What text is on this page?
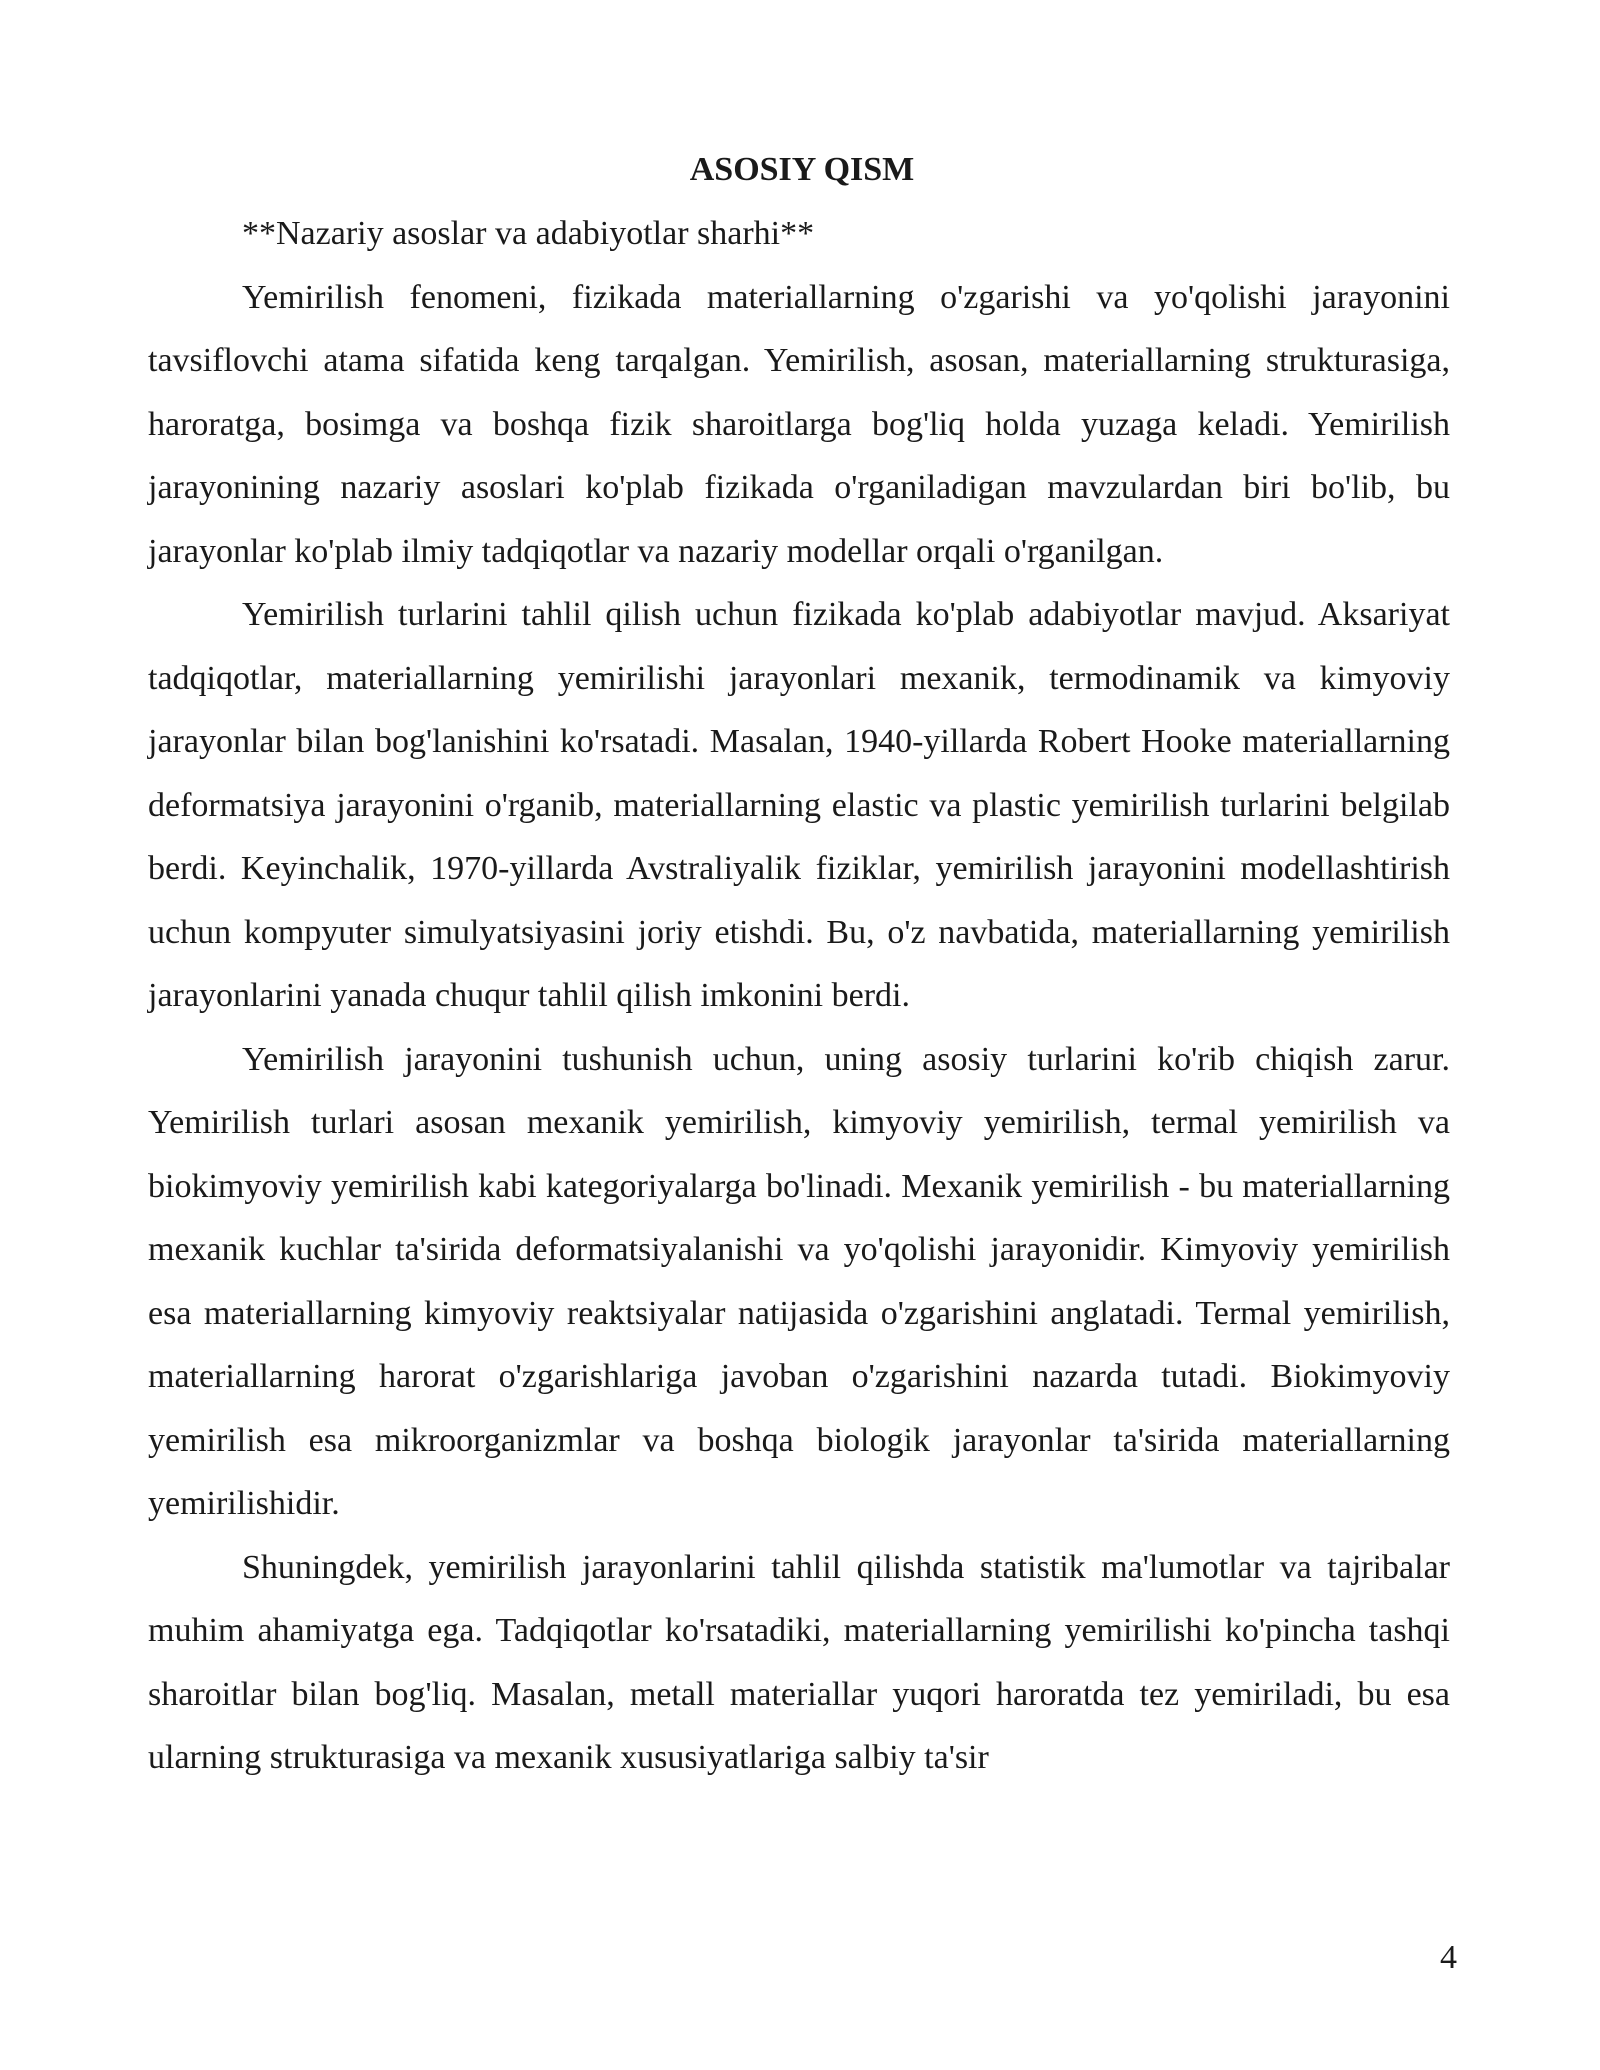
ASOSIY QISM

**Nazariy asoslar va adabiyotlar sharhi**

Yemirilish fenomeni, fizikada materiallarning o'zgarishi va yo'qolishi jarayonini tavsiflovchi atama sifatida keng tarqalgan. Yemirilish, asosan, materiallarning strukturasiga, haroratga, bosimga va boshqa fizik sharoitlarga bog'liq holda yuzaga keladi. Yemirilish jarayonining nazariy asoslari ko'plab fizikada o'rganiladigan mavzulardan biri bo'lib, bu jarayonlar ko'plab ilmiy tadqiqotlar va nazariy modellar orqali o'rganilgan.

Yemirilish turlarini tahlil qilish uchun fizikada ko'plab adabiyotlar mavjud. Aksariyat tadqiqotlar, materiallarning yemirilishi jarayonlari mexanik, termodinamik va kimyoviy jarayonlar bilan bog'lanishini ko'rsatadi. Masalan, 1940-yillarda Robert Hooke materiallarning deformatsiya jarayonini o'rganib, materiallarning elastic va plastic yemirilish turlarini belgilab berdi. Keyinchalik, 1970-yillarda Avstraliyalik fiziklar, yemirilish jarayonini modellashtirish uchun kompyuter simulyatsiyasini joriy etishdi. Bu, o'z navbatida, materiallarning yemirilish jarayonlarini yanada chuqur tahlil qilish imkonini berdi.

Yemirilish jarayonini tushunish uchun, uning asosiy turlarini ko'rib chiqish zarur. Yemirilish turlari asosan mexanik yemirilish, kimyoviy yemirilish, termal yemirilish va biokimyoviy yemirilish kabi kategoriyalarga bo'linadi. Mexanik yemirilish - bu materiallarning mexanik kuchlar ta'sirida deformatsiyalanishi va yo'qolishi jarayonidir. Kimyoviy yemirilish esa materiallarning kimyoviy reaktsiyalar natijasida o'zgarishini anglatadi. Termal yemirilish, materiallarning harorat o'zgarishlariga javoban o'zgarishini nazarda tutadi. Biokimyoviy yemirilish esa mikroorganizmlar va boshqa biologik jarayonlar ta'sirida materiallarning yemirilishidir.

Shuningdek, yemirilish jarayonlarini tahlil qilishda statistik ma'lumotlar va tajribalar muhim ahamiyatga ega. Tadqiqotlar ko'rsatadiki, materiallarning yemirilishi ko'pincha tashqi sharoitlar bilan bog'liq. Masalan, metall materiallar yuqori haroratda tez yemiriladi, bu esa ularning strukturasiga va mexanik xususiyatlariga salbiy ta'sir

4
